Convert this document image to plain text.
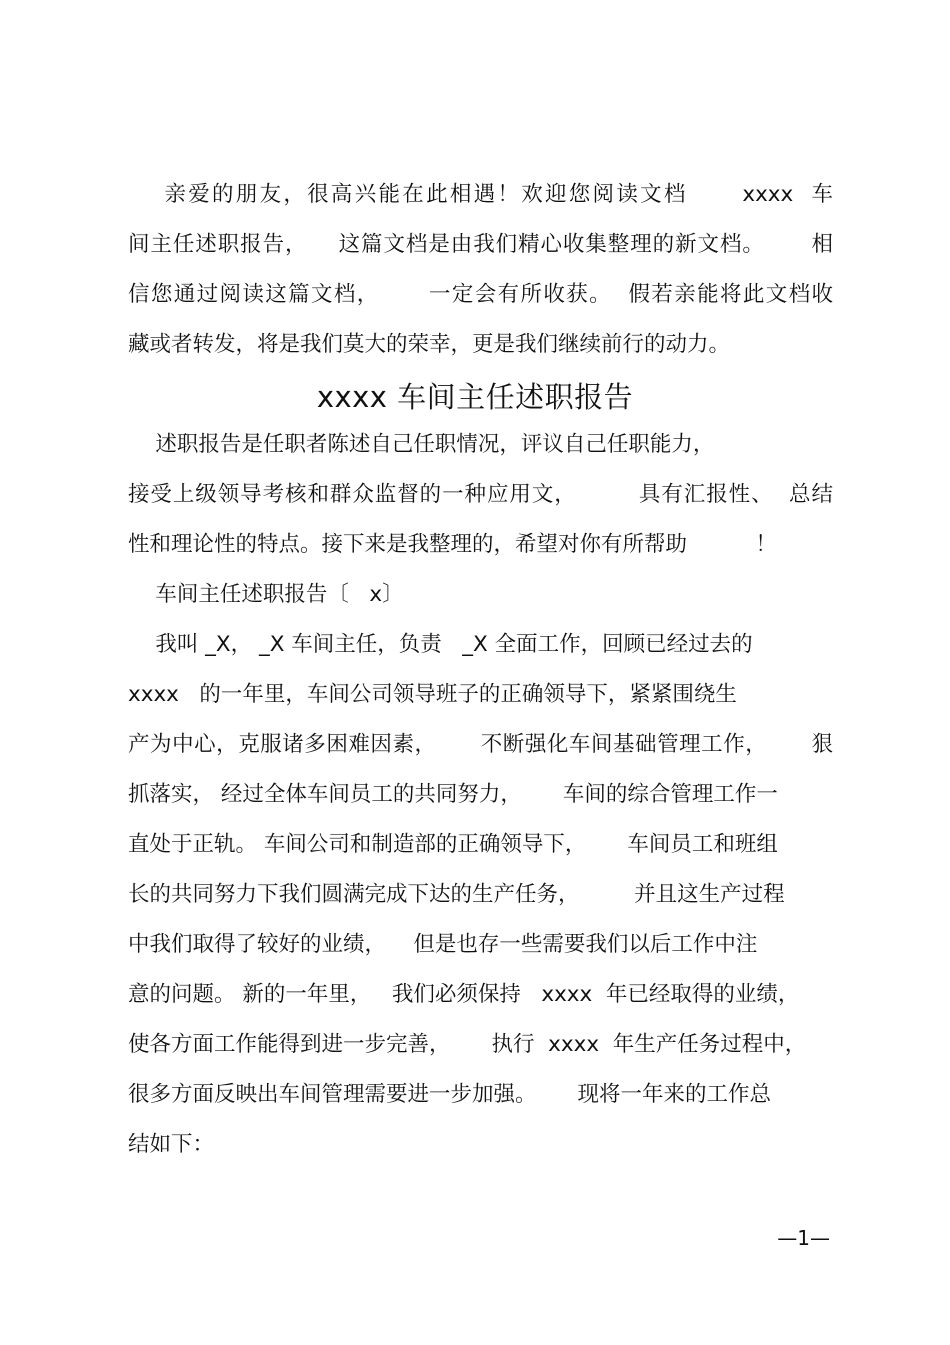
亲爱的朋友，很高兴能在此相遇！欢迎您阅读文档      xxxx  车
间主任述职报告，    这篇文档是由我们精心收集整理的新文档。      相
信您通过阅读这篇文档，      一定会有所收获。  假若亲能将此文档收
藏或者转发，将是我们莫大的荣幸，更是我们继续前行的动力。
xxxx 车间主任述职报告
述职报告是任职者陈述自己任职情况，评议自己任职能力，
接受上级领导考核和群众监督的一种应用文，        具有汇报性、  总结
性和理论性的特点。接下来是我整理的，希望对你有所帮助          ！
车间主任述职报告〔   x〕
我叫 _X， _X 车间主任，负责   _X 全面工作，回顾已经过去的
xxxx   的一年里，车间公司领导班子的正确领导下，紧紧围绕生
产为中心，克服诸多困难因素，      不断强化车间基础管理工作，      狠
抓落实， 经过全体车间员工的共同努力，      车间的综合管理工作一
直处于正轨。 车间公司和制造部的正确领导下，      车间员工和班组
长的共同努力下我们圆满完成下达的生产任务，        并且这生产过程
中我们取得了较好的业绩，    但是也存一些需要我们以后工作中注
意的问题。 新的一年里，   我们必须保持   xxxx  年已经取得的业绩，
使各方面工作能得到进一步完善，      执行  xxxx  年生产任务过程中，
很多方面反映出车间管理需要进一步加强。      现将一年来的工作总
结如下：
—1—
